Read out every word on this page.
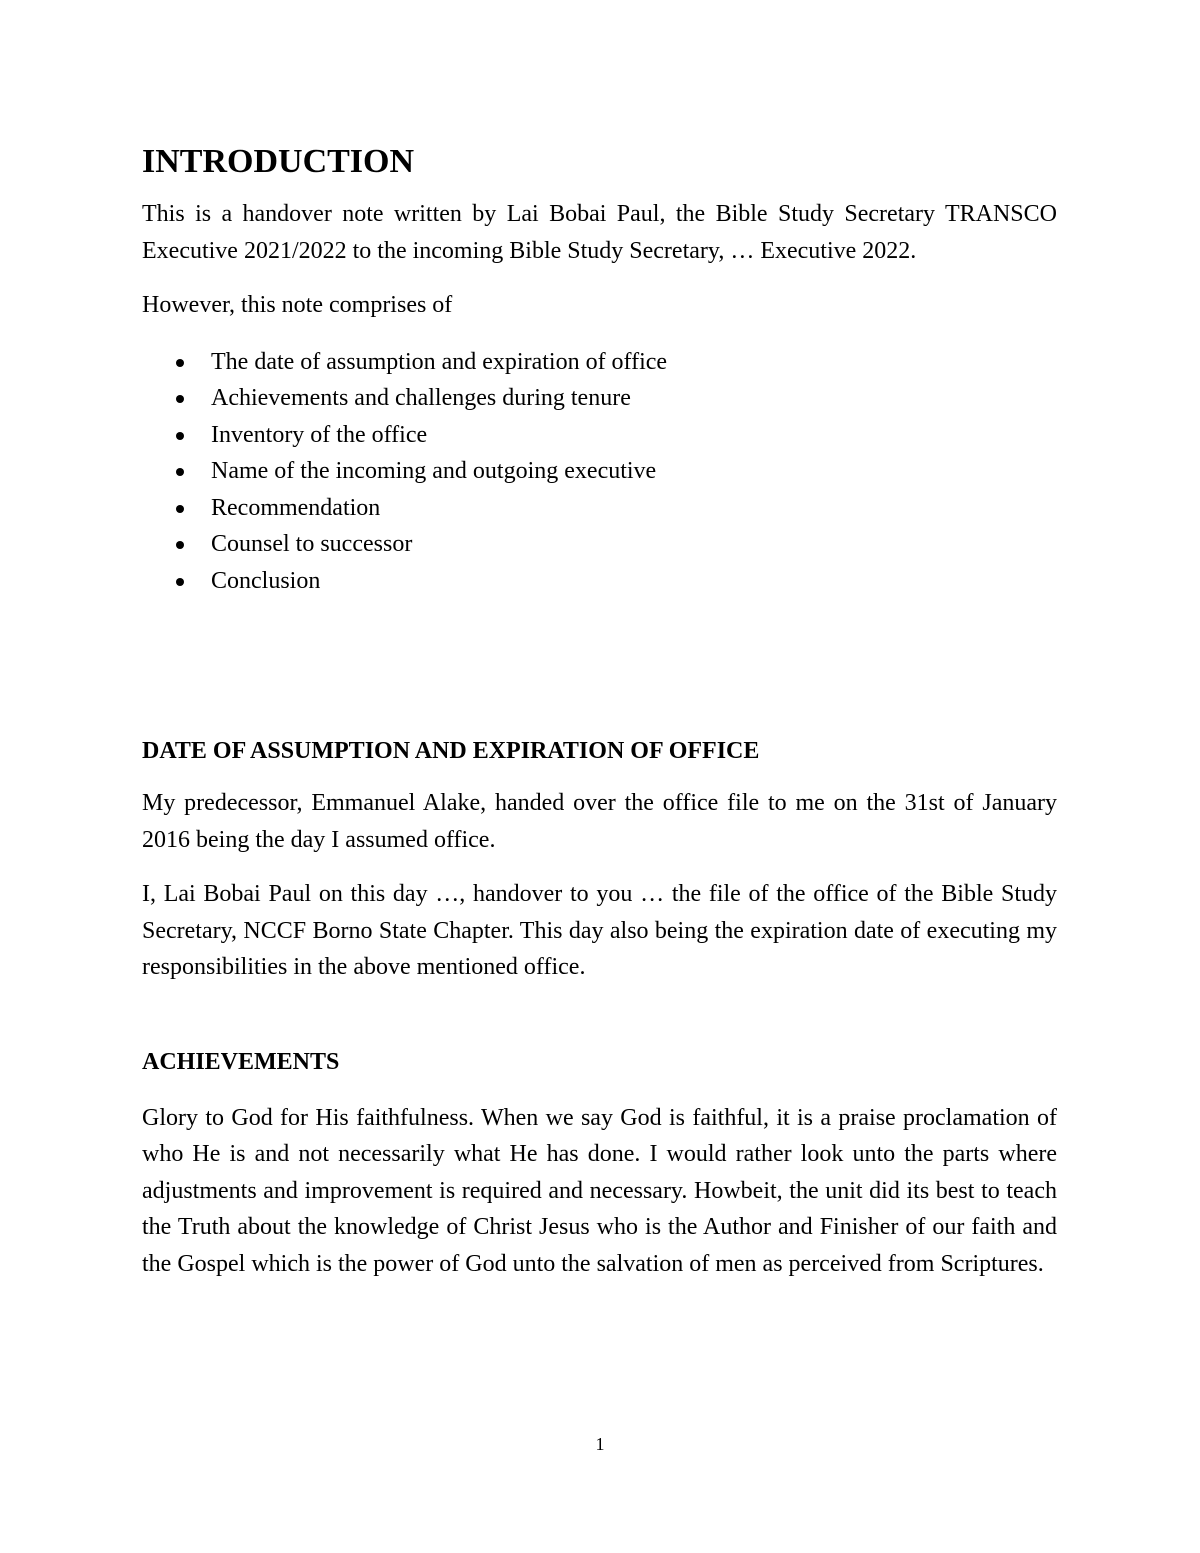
INTRODUCTION

This is a handover note written by Lai Bobai Paul, the Bible Study Secretary TRANSCO Executive 2021/2022 to the incoming Bible Study Secretary, … Executive 2022.

However, this note comprises of

The date of assumption and expiration of office
Achievements and challenges during tenure
Inventory of the office
Name of the incoming and outgoing executive
Recommendation
Counsel to successor
Conclusion
DATE OF ASSUMPTION AND EXPIRATION OF OFFICE

My predecessor, Emmanuel Alake, handed over the office file to me on the 31st of January 2016 being the day I assumed office.

I, Lai Bobai Paul on this day …, handover to you … the file of the office of the Bible Study Secretary, NCCF Borno State Chapter. This day also being the expiration date of executing my responsibilities in the above mentioned office.

ACHIEVEMENTS

Glory to God for His faithfulness. When we say God is faithful, it is a praise proclamation of who He is and not necessarily what He has done. I would rather look unto the parts where adjustments and improvement is required and necessary. Howbeit, the unit did its best to teach the Truth about the knowledge of Christ Jesus who is the Author and Finisher of our faith and the Gospel which is the power of God unto the salvation of men as perceived from Scriptures.

1
